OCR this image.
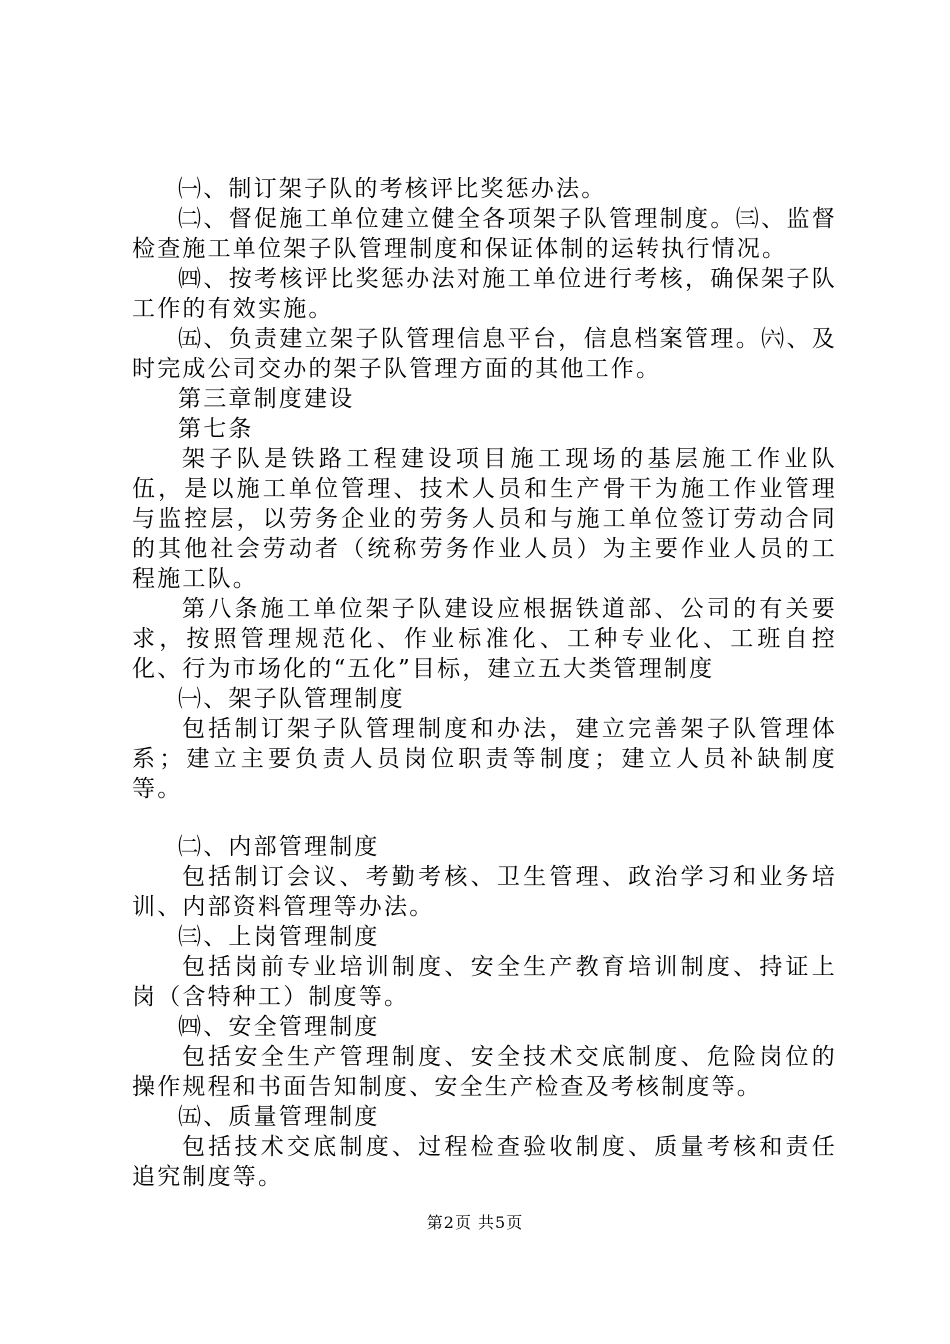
㈠、制订架子队的考核评比奖惩办法。

㈡、督促施工单位建立健全各项架子队管理制度。㈢、监督检查施工单位架子队管理制度和保证体制的运转执行情况。

㈣、按考核评比奖惩办法对施工单位进行考核，确保架子队工作的有效实施。

㈤、负责建立架子队管理信息平台，信息档案管理。㈥、及时完成公司交办的架子队管理方面的其他工作。

第三章制度建设

第七条

架子队是铁路工程建设项目施工现场的基层施工作业队伍，是以施工单位管理、技术人员和生产骨干为施工作业管理与监控层，以劳务企业的劳务人员和与施工单位签订劳动合同的其他社会劳动者（统称劳务作业人员）为主要作业人员的工程施工队。

第八条施工单位架子队建设应根据铁道部、公司的有关要求，按照管理规范化、作业标准化、工种专业化、工班自控化、行为市场化的“五化”目标，建立五大类管理制度

㈠、架子队管理制度

包括制订架子队管理制度和办法，建立完善架子队管理体系；建立主要负责人员岗位职责等制度；建立人员补缺制度等。

㈡、内部管理制度

包括制订会议、考勤考核、卫生管理、政治学习和业务培训、内部资料管理等办法。

㈢、上岗管理制度

包括岗前专业培训制度、安全生产教育培训制度、持证上岗（含特种工）制度等。

㈣、安全管理制度

包括安全生产管理制度、安全技术交底制度、危险岗位的操作规程和书面告知制度、安全生产检查及考核制度等。

㈤、质量管理制度

包括技术交底制度、过程检查验收制度、质量考核和责任追究制度等。

第2页 共5页
